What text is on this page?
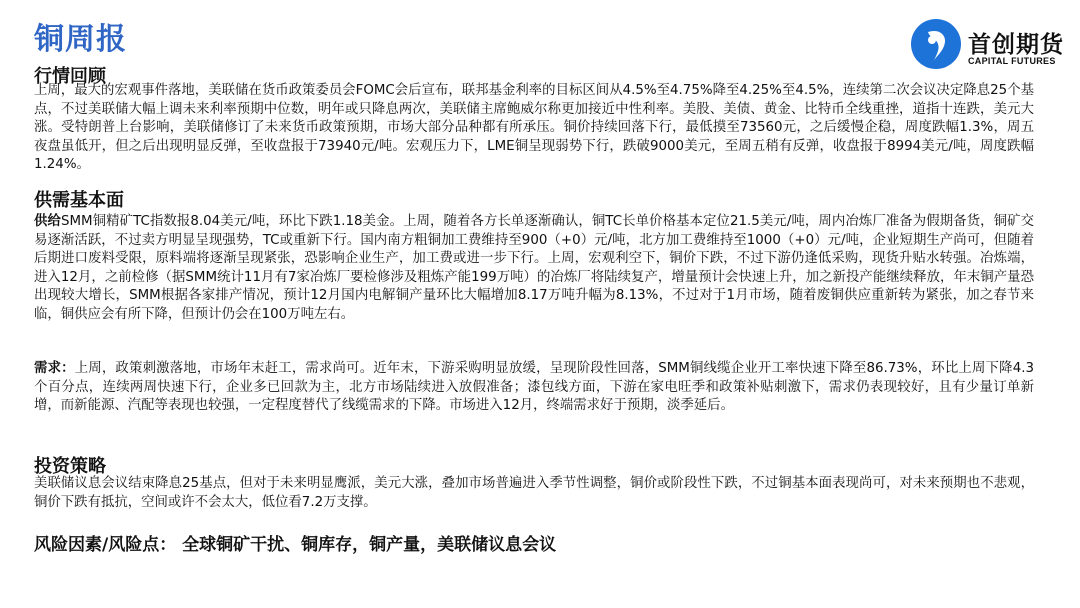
铜周报	首创期货
CAPITAL FUTURES
行情回顾
上周，最大的宏观事件落地，美联储在货币政策委员会FOMC会后宣布，联邦基金利率的目标区间从4.5%至4.75%降至4.25%至4.5%，连续第二次会议决定降息25个基点，不过美联储大幅上调未来利率预期中位数，明年或只降息两次，美联储主席鲍威尔称更加接近中性利率。美股、美债、黄金、比特币全线重挫，道指十连跌，美元大涨。受特朗普上台影响，美联储修订了未来货币政策预期，市场大部分品种都有所承压。铜价持续回落下行，最低摸至73560元，之后缓慢企稳，周度跌幅1.3%，周五夜盘虽低开，但之后出现明显反弹，至收盘报于73940元/吨。宏观压力下，LME铜呈现弱势下行，跌破9000美元，至周五稍有反弹，收盘报于8994美元/吨，周度跌幅1.24%。
供需基本面
供给SMM铜精矿TC指数报8.04美元/吨，环比下跌1.18美金。上周，随着各方长单逐渐确认，铜TC长单价格基本定位21.5美元/吨，周内冶炼厂准备为假期备货，铜矿交易逐渐活跃，不过卖方明显呈现强势，TC或重新下行。国内南方粗铜加工费维持至900（+0）元/吨，北方加工费维持至1000（+0）元/吨，企业短期生产尚可，但随着后期进口废料受限，原料端将逐渐呈现紧张，恐影响企业生产，加工费或进一步下行。上周，宏观利空下，铜价下跌，不过下游仍逢低采购，现货升贴水转强。冶炼端，进入12月，之前检修（据SMM统计11月有7家冶炼厂要检修涉及粗炼产能199万吨）的冶炼厂将陆续复产，增量预计会快速上升，加之新投产能继续释放，年末铜产量恐出现较大增长，SMM根据各家排产情况，预计12月国内电解铜产量环比大幅增加8.17万吨升幅为8.13%，不过对于1月市场，随着废铜供应重新转为紧张，加之春节来临，铜供应会有所下降，但预计仍会在100万吨左右。
需求：上周，政策刺激落地，市场年末赶工，需求尚可。近年末，下游采购明显放缓，呈现阶段性回落，SMM铜线缆企业开工率快速下降至86.73%，环比上周下降4.3个百分点，连续两周快速下行，企业多已回款为主，北方市场陆续进入放假准备；漆包线方面，下游在家电旺季和政策补贴刺激下，需求仍表现较好，且有少量订单新增，而新能源、汽配等表现也较强，一定程度替代了线缆需求的下降。市场进入12月，终端需求好于预期，淡季延后。
投资策略
美联储议息会议结束降息25基点，但对于未来明显鹰派，美元大涨，叠加市场普遍进入季节性调整，铜价或阶段性下跌，不过铜基本面表现尚可，对未来预期也不悲观，铜价下跌有抵抗，空间或许不会太大，低位看7.2万支撑。
风险因素/风险点： 全球铜矿干扰、铜库存，铜产量，美联储议息会议
